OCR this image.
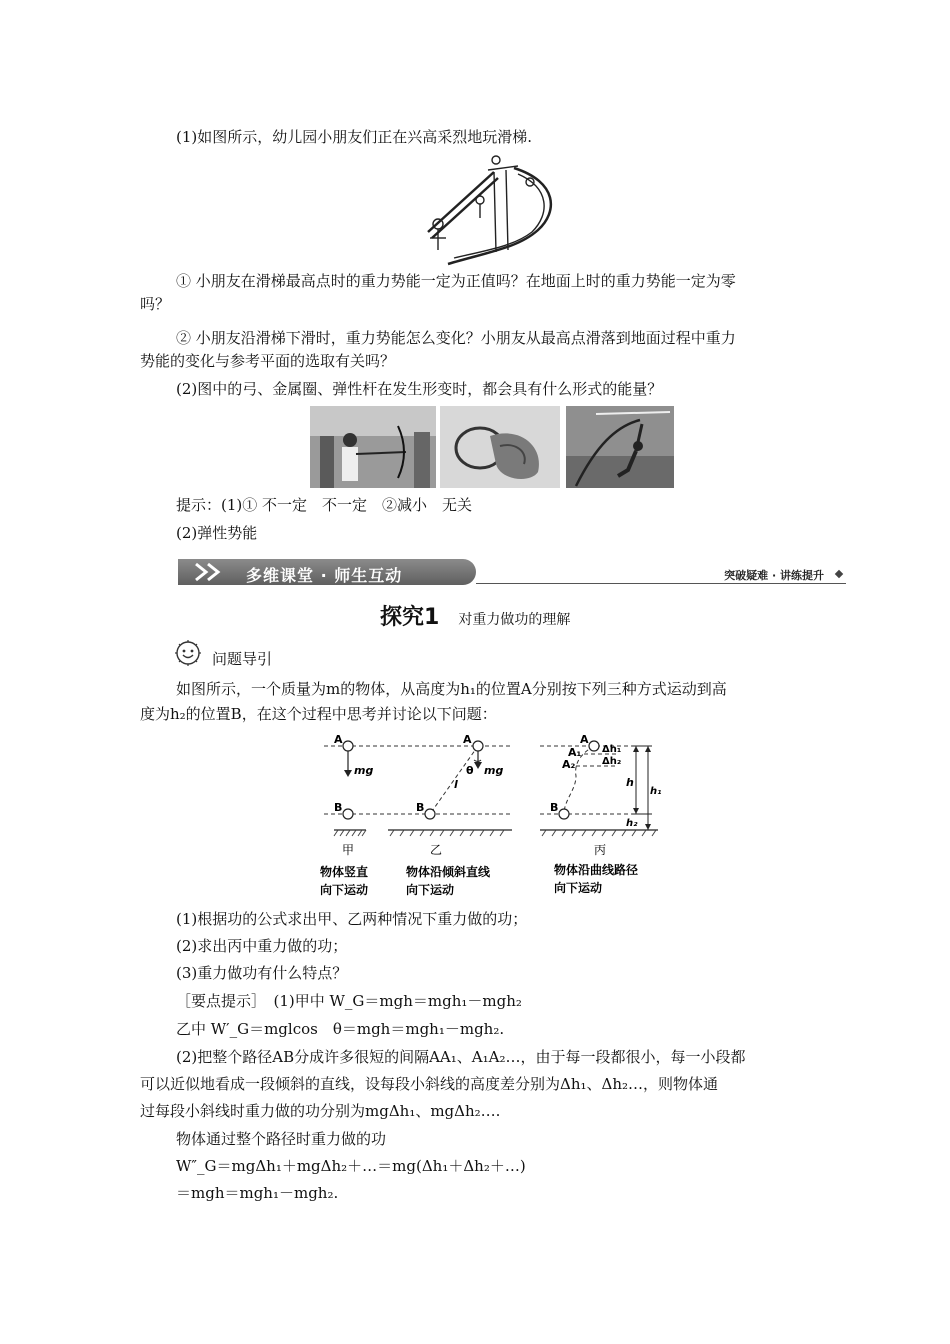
(1)如图所示，幼儿园小朋友们正在兴高采烈地玩滑梯.
① 小朋友在滑梯最高点时的重力势能一定为正值吗？在地面上时的重力势能一定为零
吗？
② 小朋友沿滑梯下滑时，重力势能怎么变化？小朋友从最高点滑落到地面过程中重力
势能的变化与参考平面的选取有关吗？
(2)图中的弓、金属圈、弹性杆在发生形变时，都会具有什么形式的能量？
提示：(1)① 不一定　不一定　②减小　无关
(2)弹性势能
多维课堂 · 师生互动	突破疑难 · 讲练提升
探究1 对重力做功的理解
问题导引
如图所示，一个质量为m的物体，从高度为h₁的位置A分别按下列三种方式运动到高
度为h₂的位置B，在这个过程中思考并讨论以下问题：
A
B
mg
A
B
l
θ mg
A
A₁
A₂
Δh₁
Δh₂
B
h
h₁
h₂
甲	乙	丙
物体竖直
向下运动
物体沿倾斜直线
向下运动
物体沿曲线路径
向下运动
(1)根据功的公式求出甲、乙两种情况下重力做的功；
(2)求出丙中重力做的功；
(3)重力做功有什么特点？
［要点提示］　(1)甲中 W_G＝mgh＝mgh₁－mgh₂
乙中 W′_G＝mglcos　θ＝mgh＝mgh₁－mgh₂.
(2)把整个路径AB分成许多很短的间隔AA₁、A₁A₂…，由于每一段都很小，每一小段都
可以近似地看成一段倾斜的直线，设每段小斜线的高度差分别为Δh₁、Δh₂…，则物体通
过每段小斜线时重力做的功分别为mgΔh₁、mgΔh₂….
物体通过整个路径时重力做的功
W″_G＝mgΔh₁＋mgΔh₂＋…＝mg(Δh₁＋Δh₂＋…)
＝mgh＝mgh₁－mgh₂.
